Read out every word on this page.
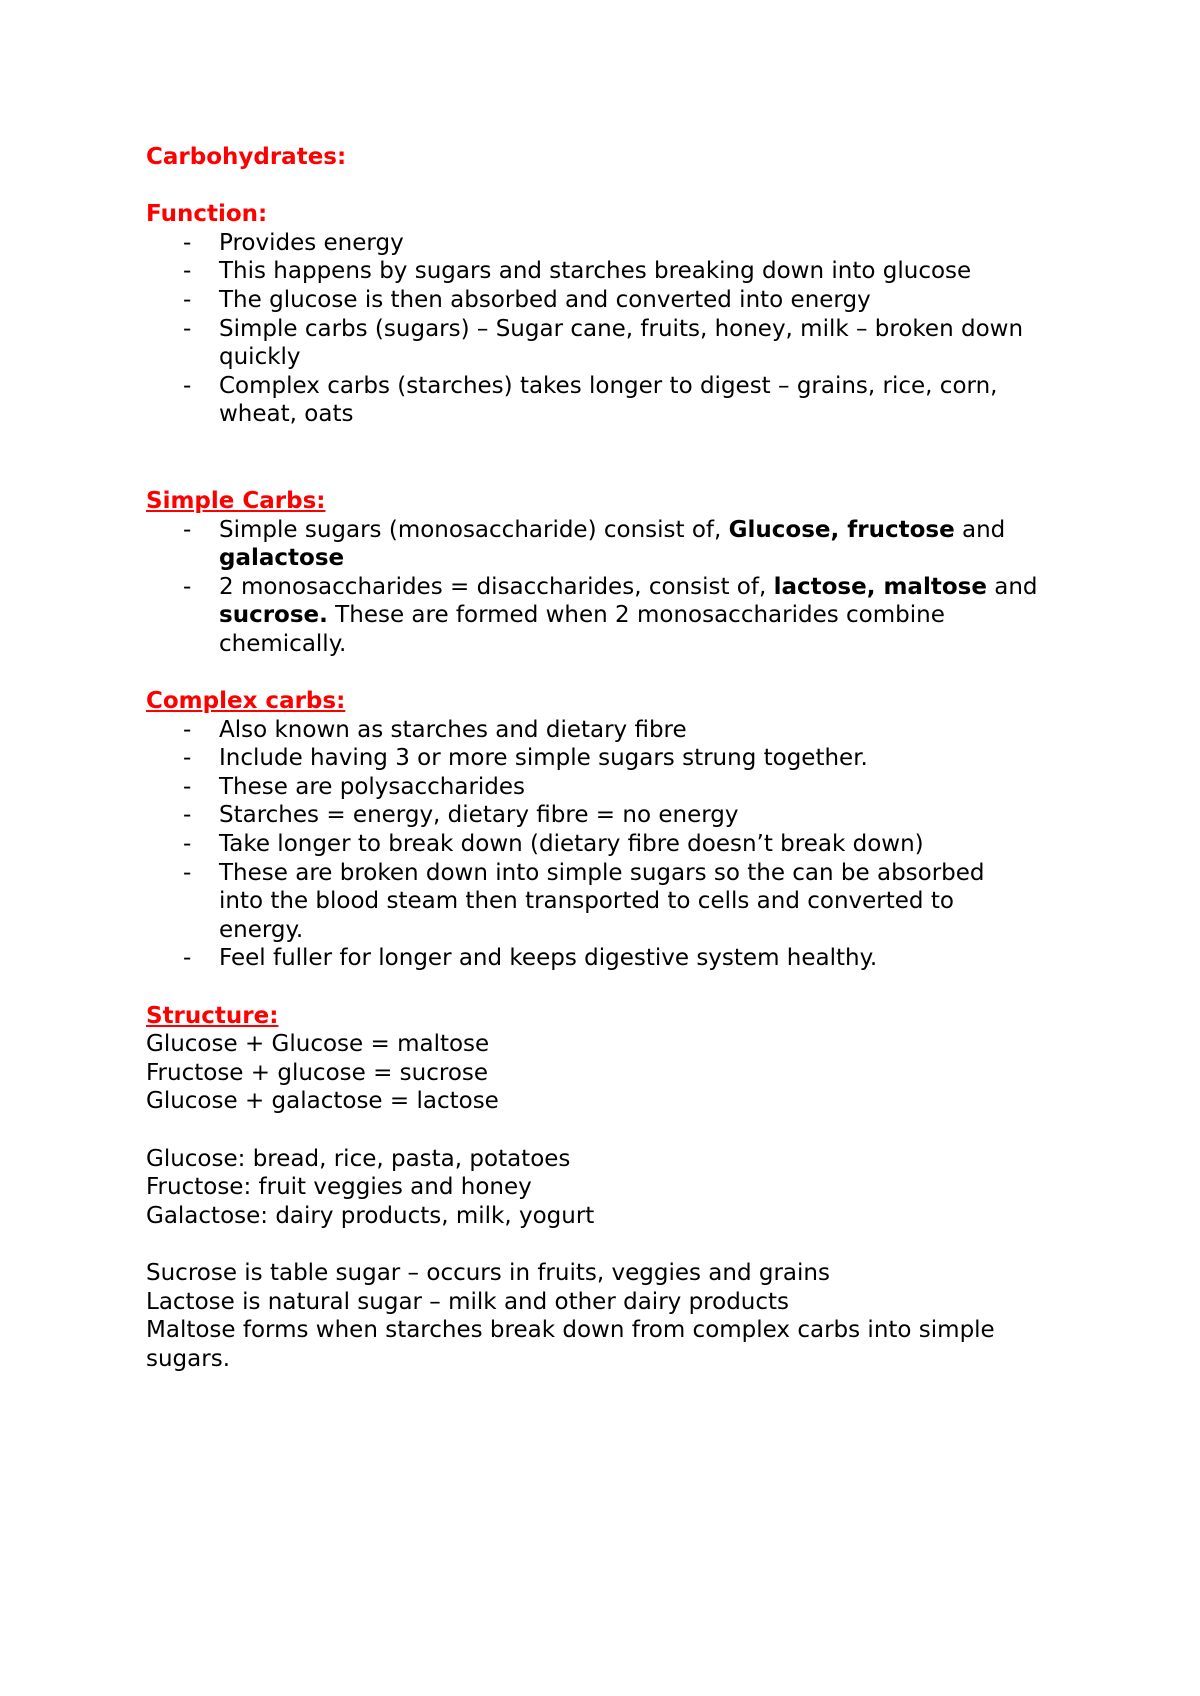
Carbohydrates:

Function:

- Provides energy
- This happens by sugars and starches breaking down into glucose
- The glucose is then absorbed and converted into energy
- Simple carbs (sugars) – Sugar cane, fruits, honey, milk – broken down quickly
- Complex carbs (starches) takes longer to digest – grains, rice, corn, wheat, oats

Simple Carbs:

- Simple sugars (monosaccharide) consist of, Glucose, fructose and galactose
- 2 monosaccharides = disaccharides, consist of, lactose, maltose and sucrose. These are formed when 2 monosaccharides combine chemically.

Complex carbs:

- Also known as starches and dietary fibre
- Include having 3 or more simple sugars strung together.
- These are polysaccharides
- Starches = energy, dietary fibre = no energy
- Take longer to break down (dietary fibre doesn’t break down)
- These are broken down into simple sugars so the can be absorbed into the blood steam then transported to cells and converted to energy.
- Feel fuller for longer and keeps digestive system healthy.

Structure:

Glucose + Glucose = maltose

Fructose + glucose = sucrose

Glucose + galactose = lactose

Glucose: bread, rice, pasta, potatoes

Fructose: fruit veggies and honey

Galactose: dairy products, milk, yogurt

Sucrose is table sugar – occurs in fruits, veggies and grains

Lactose is natural sugar – milk and other dairy products

Maltose forms when starches break down from complex carbs into simple sugars.
